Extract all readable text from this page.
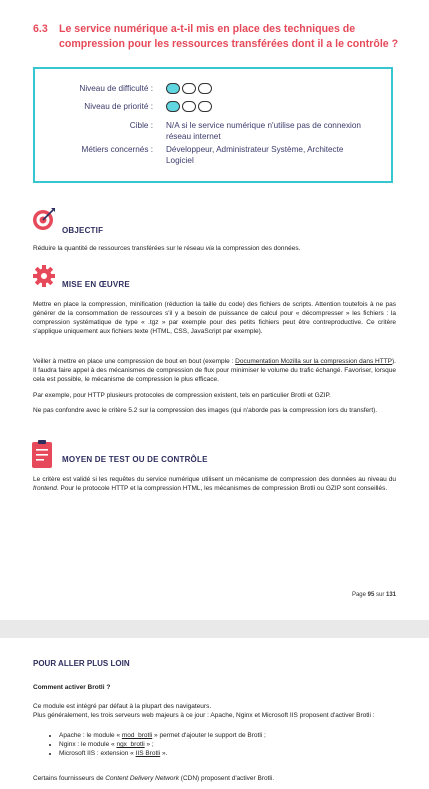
6.3 Le service numérique a-t-il mis en place des techniques de
compression pour les ressources transférées dont il a le contrôle ?
Niveau de difficulté :
Niveau de priorité :
Cible : N/A si le service numérique n'utilise pas de connexion réseau internet
Métiers concernés : Développeur, Administrateur Système, Architecte Logiciel
OBJECTIF
Réduire la quantité de ressources transférées sur le réseau via la compression des données.
MISE EN ŒUVRE
Mettre en place la compression, minification (réduction la taille du code) des fichiers de scripts. Attention toutefois à ne pas générer de la consommation de ressources s'il y a besoin de puissance de calcul pour « décompresser » les fichiers : la compression systématique de type « .tgz » par exemple pour des petits fichiers peut être contreproductive. Ce critère s'applique uniquement aux fichiers texte (HTML, CSS, JavaScript par exemple).
Veiller à mettre en place une compression de bout en bout (exemple : Documentation Mozilla sur la compression dans HTTP). Il faudra faire appel à des mécanismes de compression de flux pour minimiser le volume du trafic échangé. Favoriser, lorsque cela est possible, le mécanisme de compression le plus efficace.
Par exemple, pour HTTP plusieurs protocoles de compression existent, tels en particulier Brotli et GZIP.
Ne pas confondre avec le critère 5.2 sur la compression des images (qui n'aborde pas la compression lors du transfert).
MOYEN DE TEST OU DE CONTRÔLE
Le critère est validé si les requêtes du service numérique utilisent un mécanisme de compression des données au niveau du frontend. Pour le protocole HTTP et la compression HTML, les mécanismes de compression Brotli ou GZIP sont conseillés.
Page 95 sur 131
POUR ALLER PLUS LOIN
Comment activer Brotli ?
Ce module est intégré par défaut à la plupart des navigateurs.
Plus généralement, les trois serveurs web majeurs à ce jour : Apache, Nginx et Microsoft IIS proposent d'activer Brotli :
• Apache : le module « mod_brotli » permet d'ajouter le support de Brotli ;
• Nginx : le module « ngx_brotli » ;
• Microsoft IIS : extension « IIS Brotli ».
Certains fournisseurs de Content Delivery Network (CDN) proposent d'activer Brotli.
